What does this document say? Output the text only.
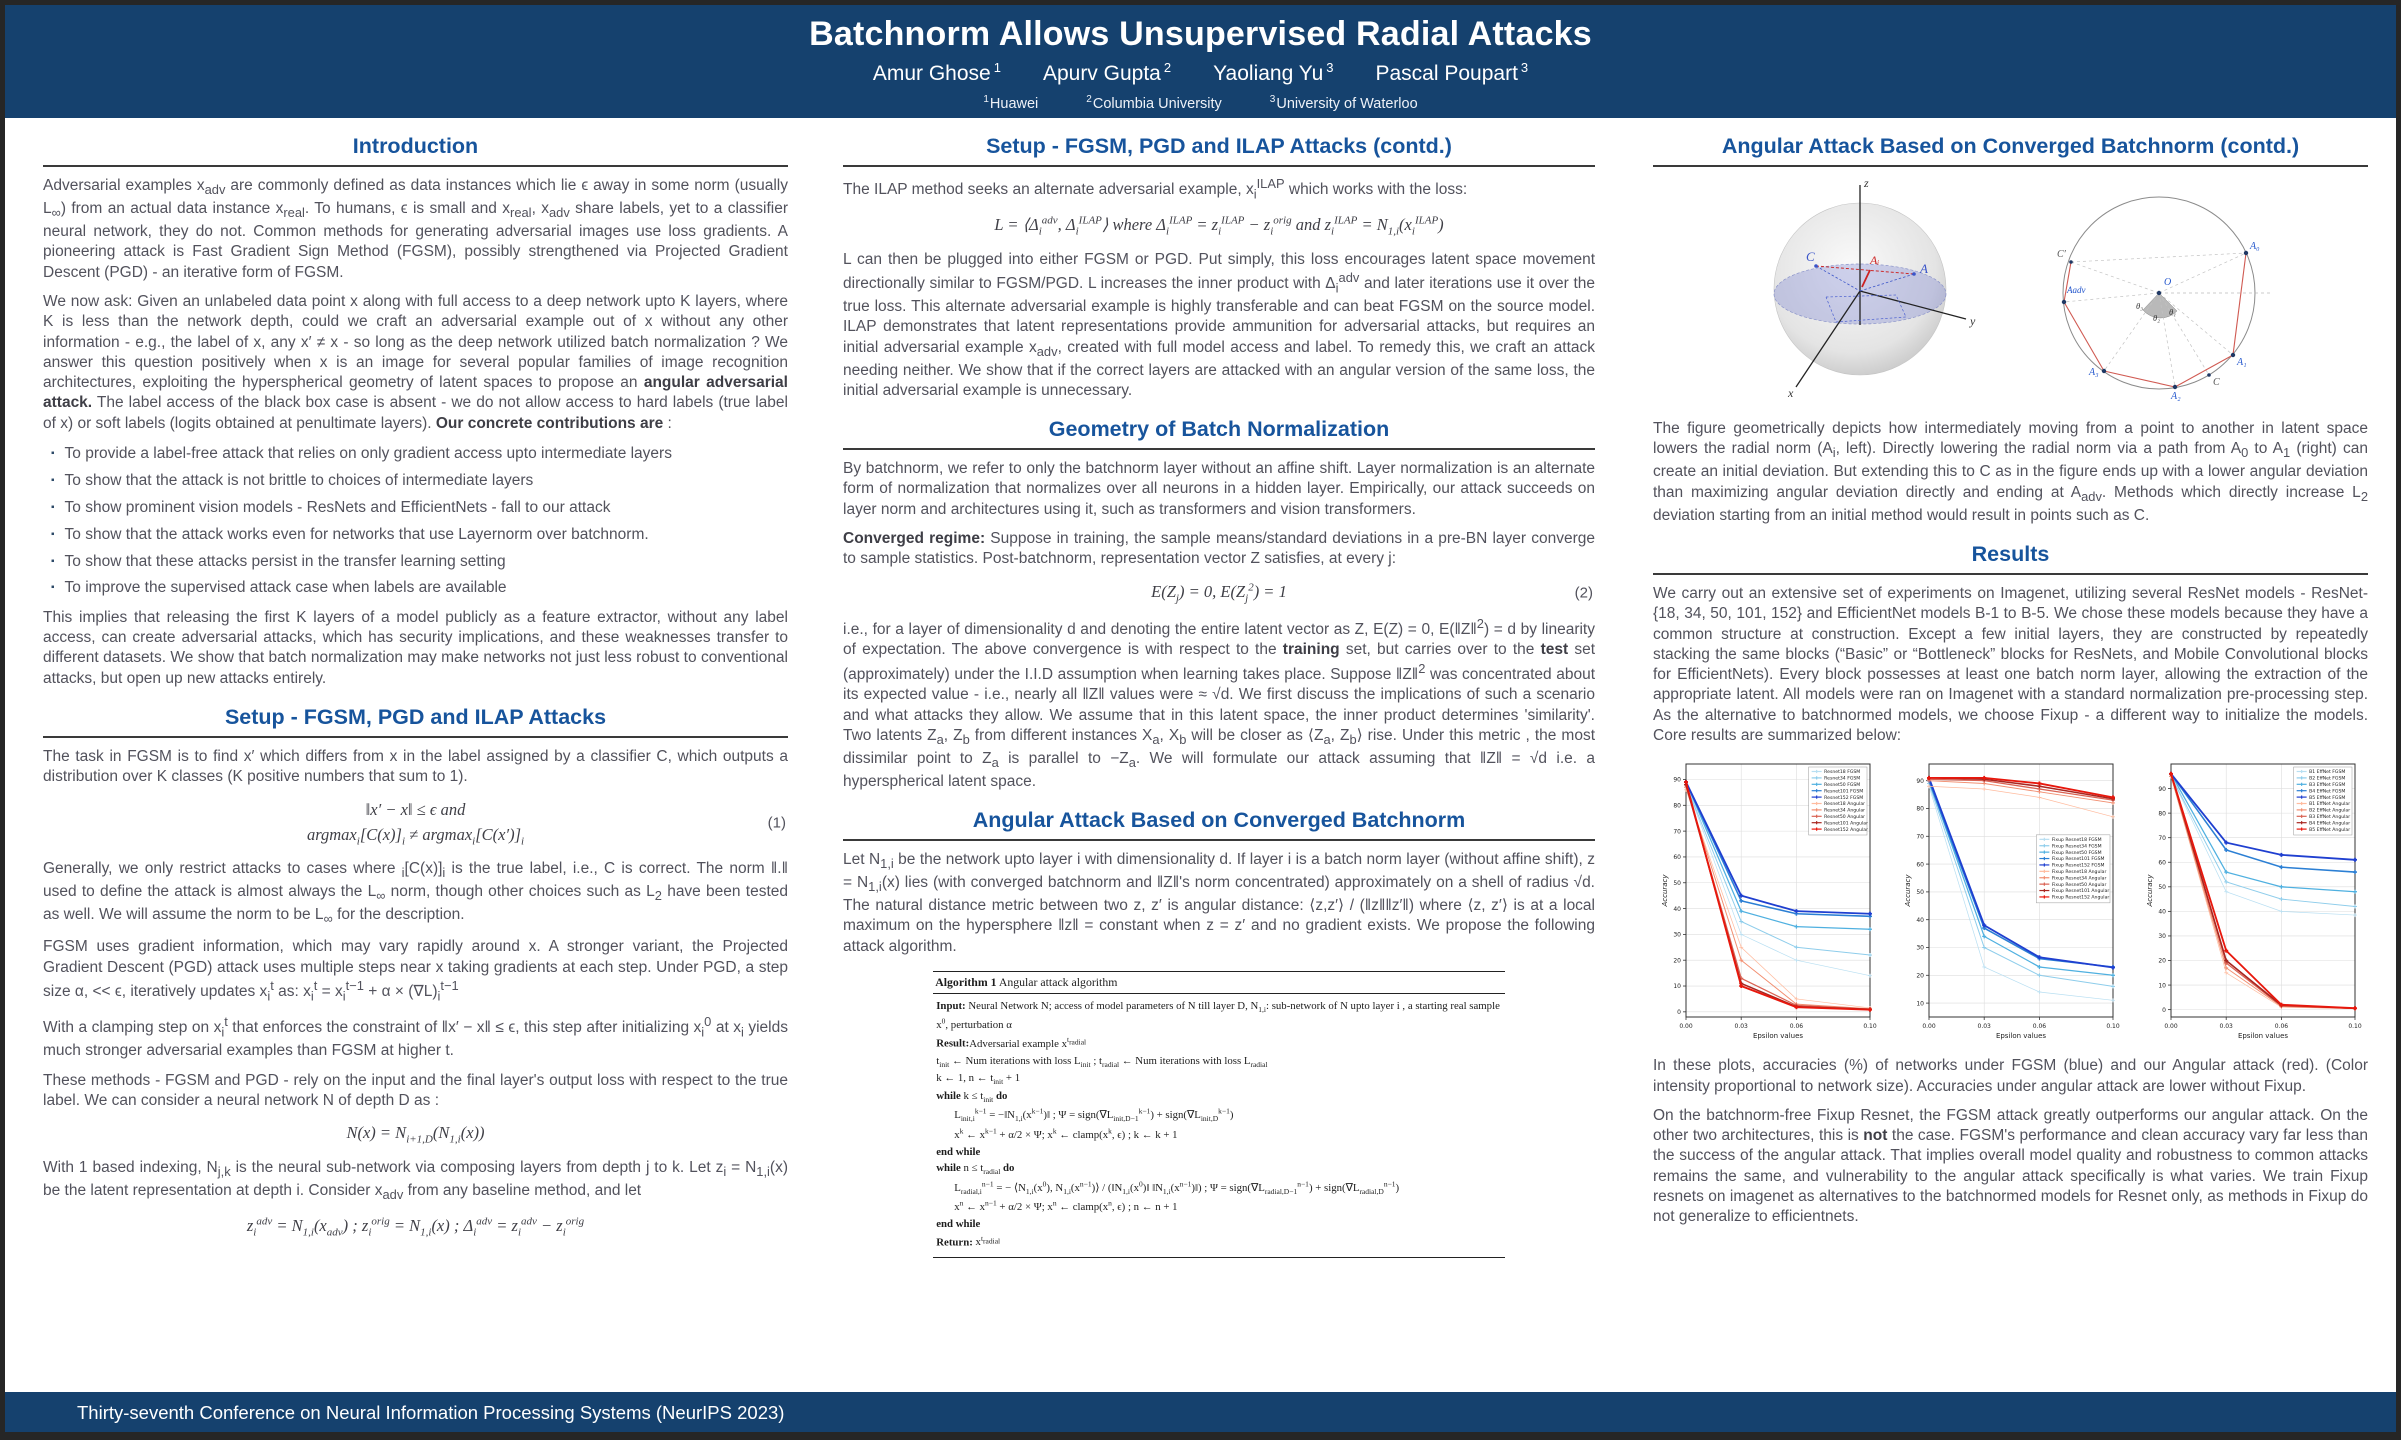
Batchnorm Allows Unsupervised Radial Attacks
Amur Ghose $^1$ Apurv Gupta $^2$ Yaoliang Yu $^3$ Pascal Poupart $^3$
$^1$Huawei	$^2$Columbia University	$^3$University of Waterloo
Introduction

Adversarial examples $x_{adv}$ are commonly defined as data instances which lie ϵ away in some norm (usually $L_\infty$) from an actual data instance $x_{real}$. To humans, ϵ is small and $x_{real}$, $x_{adv}$ share labels, yet to a classifier neural network, they do not. Common methods for generating adversarial images use loss gradients. A pioneering attack is Fast Gradient Sign Method (FGSM), possibly strengthened via Projected Gradient Descent (PGD) - an iterative form of FGSM.

We now ask: Given an unlabeled data point x along with full access to a deep network upto K layers, where K is less than the network depth, could we craft an adversarial example out of x without any other information - e.g., the label of x, any x′ ≠ x - so long as the deep network utilized batch normalization ? We answer this question positively when x is an image for several popular families of image recognition architectures, exploiting the hyperspherical geometry of latent spaces to propose an angular adversarial attack. The label access of the black box case is absent - we do not allow access to hard labels (true label of x) or soft labels (logits obtained at penultimate layers). Our concrete contributions are :

▪ To provide a label-free attack that relies on only gradient access upto intermediate layers
▪ To show that the attack is not brittle to choices of intermediate layers
▪ To show prominent vision models - ResNets and EfficientNets - fall to our attack
▪ To show that the attack works even for networks that use Layernorm over batchnorm.
▪ To show that these attacks persist in the transfer learning setting
▪ To improve the supervised attack case when labels are available

This implies that releasing the first K layers of a model publicly as a feature extractor, without any label access, can create adversarial attacks, which has security implications, and these weaknesses transfer to different datasets. We show that batch normalization may make networks not just less robust to conventional attacks, but open up new attacks entirely.

Setup - FGSM, PGD and ILAP Attacks

The task in FGSM is to find x′ which differs from x in the label assigned by a classifier C, which outputs a distribution over K classes (K positive numbers that sum to 1).

‖x′ − x‖ ≤ ϵ and
$argmax_i[C(x)]_i \ne argmax_i[C(x')]_i$
(1)

Generally, we only restrict attacks to cases where $_i[C(x)]_i$ is the true label, i.e., C is correct. The norm ‖.‖ used to define the attack is almost always the $L_\infty$ norm, though other choices such as $L_2$ have been tested as well. We will assume the norm to be $L_\infty$ for the description.

FGSM uses gradient information, which may vary rapidly around x. A stronger variant, the Projected Gradient Descent (PGD) attack uses multiple steps near x taking gradients at each step. Under PGD, a step size α, << ϵ, iteratively updates $x_i^t$ as: $x_i^t = x_i^{t-1} + \alpha \times (\nabla L)_i^{t-1}$

With a clamping step on $x_i^t$ that enforces the constraint of ‖x′ − x‖ ≤ ϵ, this step after initializing $x_i^0$ at $x_i$ yields much stronger adversarial examples than FGSM at higher t.

These methods - FGSM and PGD - rely on the input and the final layer's output loss with respect to the true label. We can consider a neural network N of depth D as :

$N(x) = N_{i+1,D}(N_{1,i}(x))$

With 1 based indexing, $N_{j,k}$ is the neural sub-network via composing layers from depth j to k. Let $z_i = N_{1,i}(x)$ be the latent representation at depth i. Consider $x_{adv}$ from any baseline method, and let

$z_i^{adv} = N_{1,i}(x_{adv})$ ; $z_i^{orig} = N_{1,i}(x)$ ; $\Delta_i^{adv} = z_i^{adv} - z_i^{orig}$
Setup - FGSM, PGD and ILAP Attacks (contd.)

The ILAP method seeks an alternate adversarial example, $x_i^{ILAP}$ which works with the loss:

$L = ⟨\Delta_i^{adv}$, $\Delta_i^{ILAP}⟩$ where $\Delta_i^{ILAP} = z_i^{ILAP} - z_i^{orig}$ and $z_i^{ILAP} = N_{1,i}(x_i^{ILAP})$

L can then be plugged into either FGSM or PGD. Put simply, this loss encourages latent space movement directionally similar to FGSM/PGD. L increases the inner product with $\Delta_i^{adv}$ and later iterations use it over the true loss. This alternate adversarial example is highly transferable and can beat FGSM on the source model. ILAP demonstrates that latent representations provide ammunition for adversarial attacks, but requires an initial adversarial example $x_{adv}$, created with full model access and label. To remedy this, we craft an attack needing neither. We show that if the correct layers are attacked with an angular version of the same loss, the initial adversarial example is unnecessary.

Geometry of Batch Normalization

By batchnorm, we refer to only the batchnorm layer without an affine shift. Layer normalization is an alternate form of normalization that normalizes over all neurons in a hidden layer. Empirically, our attack succeeds on layer norm and architectures using it, such as transformers and vision transformers.

Converged regime: Suppose in training, the sample means/standard deviations in a pre-BN layer converge to sample statistics. Post-batchnorm, representation vector Z satisfies, at every j:

$E(Z_j) = 0$, $E(Z_j^2) = 1$	(2)

i.e., for a layer of dimensionality d and denoting the entire latent vector as Z, E(Z) = 0, E(‖Z‖$^2$) = d by linearity of expectation. The above convergence is with respect to the training set, but carries over to the test set (approximately) under the I.I.D assumption when learning takes place. Suppose ‖Z‖$^2$ was concentrated about its expected value - i.e., nearly all ‖Z‖ values were ≈ √d. We first discuss the implications of such a scenario and what attacks they allow. We assume that in this latent space, the inner product determines 'similarity'. Two latents $Z_a$, $Z_b$ from different instances $X_a$, $X_b$ will be closer as $⟨Z_a$, $Z_b⟩$ rise. Under this metric , the most dissimilar point to $Z_a$ is parallel to $-Z_a$. We will formulate our attack assuming that ‖Z‖ = √d i.e. a hyperspherical latent space.

Angular Attack Based on Converged Batchnorm

Let $N_{1,i}$ be the network upto layer i with dimensionality d. If layer i is a batch norm layer (without affine shift), $z = N_{1,i}(x)$ lies (with converged batchnorm and ‖Z‖'s norm concentrated) approximately on a shell of radius √d. The natural distance metric between two z, z′ is angular distance: ⟨z,z′⟩ / (‖z‖‖z′‖) where ⟨z, z′⟩ is at a local maximum on the hypersphere ‖z‖ = constant when z = z′ and no gradient exists. We propose the following attack algorithm.

Algorithm 1 Angular attack algorithm
Input: Neural Network N; access of model parameters of N till layer D, $N_{1,i}$: sub-network of N upto layer i , a starting real sample $x^0$, perturbation α
Result:Adversarial example $x^{t_{radial}}$
$t_{init}$ ← Num iterations with loss $L_{init}$ ; $t_{radial}$ ← Num iterations with loss $L_{radial}$
k ← 1, n ← $t_{init} + 1$
while $k \le t_{init}$ do
$L_{init,i}^{k-1}$ = $-‖N_{1,i}(x^{k-1})‖$ ; $\Psi = sign(\nabla L_{init,D-1}^{k-1})$ + $sign(\nabla L_{init,D}^{k-1})$
$x^k$ ← $x^{k-1} + \alpha/2 \times \Psi$; $x^k$ ← $clamp(x^k$, ϵ) ; k ← k + 1
end while
while $n \le t_{radial}$ do
$L_{radial,i}^{n-1}$ = − $⟨N_{1,i}(x^0)$, $N_{1,i}(x^{n-1})⟩$ / ($‖N_{1,i}(x^0)‖$ $‖N_{1,i}(x^{n-1})‖$) ; $\Psi = sign(\nabla L_{radial,D-1}^{n-1})$ + $sign(\nabla L_{radial,D}^{n-1})$
$x^n$ ← $x^{n-1} + \alpha/2 \times \Psi$; $x^n$ ← $clamp(x^n$, ϵ) ; n ← n + 1
end while
Return: $x^{t_{radial}}$
Angular Attack Based on Converged Batchnorm (contd.)
z
y
x
C	Aᵢ
A
A₀
A₁
A₂
A₃
Aadv
C′
C
O
θ₃
θ₂
θ₁

The figure geometrically depicts how intermediately moving from a point to another in latent space lowers the radial norm ($A_i$, left). Directly lowering the radial norm via a path from $A_0$ to $A_1$ (right) can create an initial deviation. But extending this to C as in the figure ends up with a lower angular deviation than maximizing angular deviation directly and ending at $A_{adv}$. Methods which directly increase $L_2$ deviation starting from an initial method would result in points such as C.

Results

We carry out an extensive set of experiments on Imagenet, utilizing several ResNet models - ResNet-{18, 34, 50, 101, 152} and EfficientNet models B-1 to B-5. We chose these models because they have a common structure at construction. Except a few initial layers, they are constructed by repeatedly stacking the same blocks (“Basic” or “Bottleneck” blocks for ResNets, and Mobile Convolutional blocks for EfficientNets). Every block possesses at least one batch norm layer, allowing the extraction of the appropriate latent. All models were ran on Imagenet with a standard normalization pre-processing step. As the alternative to batchnormed models, we choose Fixup - a different way to initialize the models. Core results are summarized below:

0
10
20
30
40
50
60
70
80
90
0.00	0.03	0.06	0.10
Epsilon values
Accuracy
Resnet18 FGSM
Resnet34 FGSM
Resnet50 FGSM
Resnet101 FGSM
Resnet152 FGSM
Resnet18 Angular
Resnet34 Angular
Resnet50 Angular
Resnet101 Angular
Resnet152 Angular
10
20
30
40
50
60
70
80
90
0.00	0.03	0.06	0.10
Epsilon values
Accuracy
Fixup Resnet18 FGSM
Fixup Resnet34 FGSM
Fixup Resnet50 FGSM
Fixup Resnet101 FGSM
Fixup Resnet152 FGSM
Fixup Resnet18 Angular
Fixup Resnet34 Angular
Fixup Resnet50 Angular
Fixup Resnet101 Angular
Fixup Resnet152 Angular
0
10
20
30
40
50
60
70
80
90
0.00	0.03	0.06	0.10
Epsilon values
Accuracy
B1 EffNet FGSM
B2 EffNet FGSM
B3 EffNet FGSM
B4 EffNet FGSM
B5 EffNet FGSM
B1 EffNet Angular
B2 EffNet Angular
B3 EffNet Angular
B4 EffNet Angular
B5 EffNet Angular

In these plots, accuracies (%) of networks under FGSM (blue) and our Angular attack (red). (Color intensity proportional to network size). Accuracies under angular attack are lower without Fixup.

On the batchnorm-free Fixup Resnet, the FGSM attack greatly outperforms our angular attack. On the other two architectures, this is not the case. FGSM's performance and clean accuracy vary far less than the success of the angular attack. That implies overall model quality and robustness to common attacks remains the same, and vulnerability to the angular attack specifically is what varies. We train Fixup resnets on imagenet as alternatives to the batchnormed models for Resnet only, as methods in Fixup do not generalize to efficientnets.

Thirty-seventh Conference on Neural Information Processing Systems (NeurIPS 2023)
